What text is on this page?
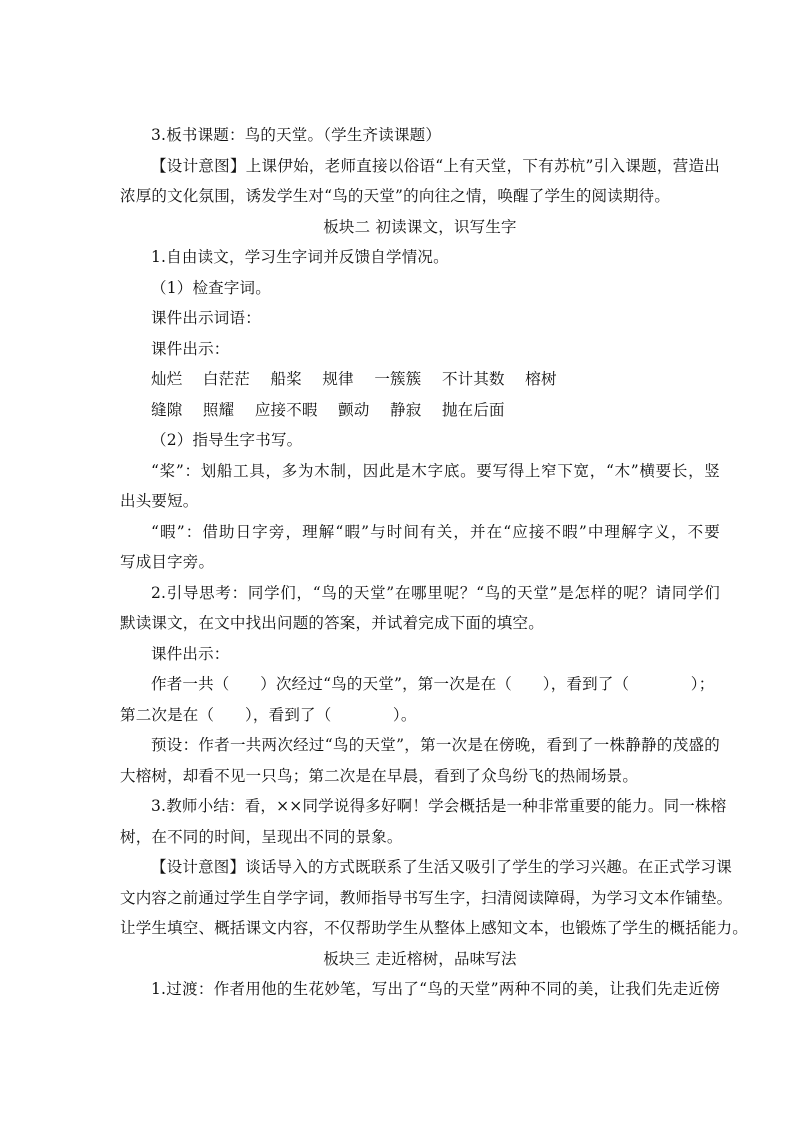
3.板书课题：鸟的天堂。（学生齐读课题）
【设计意图】上课伊始，老师直接以俗语“上有天堂，下有苏杭”引入课题，营造出
浓厚的文化氛围，诱发学生对“鸟的天堂”的向往之情，唤醒了学生的阅读期待。
板块二 初读课文，识写生字
1.自由读文，学习生字词并反馈自学情况。
（1）检查字词。
课件出示词语：
课件出示：
灿烂    白茫茫    船桨    规律    一簇簇    不计其数    榕树
缝隙    照耀    应接不暇    颤动    静寂    抛在后面
（2）指导生字书写。
“桨”：划船工具，多为木制，因此是木字底。要写得上窄下宽，“木”横要长，竖
出头要短。
“暇”：借助日字旁，理解“暇”与时间有关，并在“应接不暇”中理解字义，不要
写成目字旁。
2.引导思考：同学们，“鸟的天堂”在哪里呢？“鸟的天堂”是怎样的呢？请同学们
默读课文，在文中找出问题的答案，并试着完成下面的填空。
课件出示：
作者一共（      ）次经过“鸟的天堂”，第一次是在（      ），看到了（            ）；
第二次是在（      ），看到了（            ）。
预设：作者一共两次经过“鸟的天堂”，第一次是在傍晚，看到了一株静静的茂盛的
大榕树，却看不见一只鸟；第二次是在早晨，看到了众鸟纷飞的热闹场景。
3.教师小结：看，××同学说得多好啊！学会概括是一种非常重要的能力。同一株榕
树，在不同的时间，呈现出不同的景象。
【设计意图】谈话导入的方式既联系了生活又吸引了学生的学习兴趣。在正式学习课
文内容之前通过学生自学字词，教师指导书写生字，扫清阅读障碍，为学习文本作铺垫。
让学生填空、概括课文内容，不仅帮助学生从整体上感知文本，也锻炼了学生的概括能力。
板块三 走近榕树，品味写法
1.过渡：作者用他的生花妙笔，写出了“鸟的天堂”两种不同的美，让我们先走近傍
